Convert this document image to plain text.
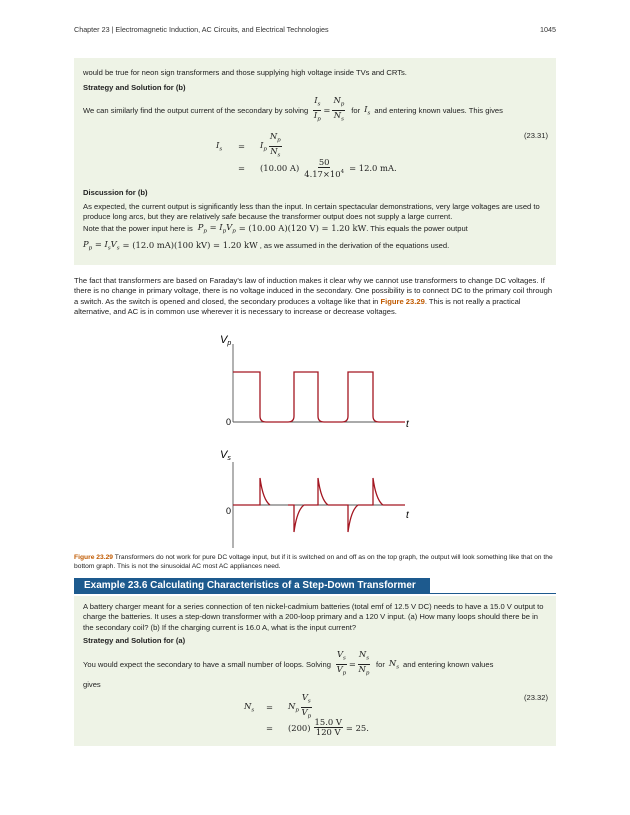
Chapter 23 | Electromagnetic Induction, AC Circuits, and Electrical Technologies	1045

would be true for neon sign transformers and those supplying high voltage inside TVs and CRTs.

Strategy and Solution for (b)

We can similarly find the output current of the secondary by solving $\frac{I_s}{I_p} = \frac{N_p}{N_s}$ for $I_s$ and entering known values. This gives
(23.31)
$I_s$	=	$I_p$
$N_p$
$N_s$
=	(10.00 $A) \frac{50}{4.17\times 10^4} = 12.0$ mA.

Discussion for (b)

As expected, the current output is significantly less than the input. In certain spectacular demonstrations, very large voltages are used to produce long arcs, but they are relatively safe because the transformer output does not supply a large current.

Note that the power input here is $P_p = I_pV_p = (10.00$ A)(120 V) = 1.20 kW . This equals the power output
$P_p = I_sV_s = (12.0$ mA)(100 kV) = 1.20 kW , as we assumed in the derivation of the equations used.

The fact that transformers are based on Faraday's law of induction makes it clear why we cannot use transformers to change DC voltages. If there is no change in primary voltage, there is no voltage induced in the secondary. One possibility is to connect DC to the primary coil through a switch. As the switch is opened and closed, the secondary produces a voltage like that in Figure 23.29. This is not really a practical alternative, and AC is in common use wherever it is necessary to increase or decrease voltages.

Vp
0	t
Vs
0	t

Figure 23.29 Transformers do not work for pure DC voltage input, but if it is switched on and off as on the top graph, the output will look something like that on the bottom graph. This is not the sinusoidal AC most AC appliances need.

Example 23.6 Calculating Characteristics of a Step-Down Transformer

A battery charger meant for a series connection of ten nickel-cadmium batteries (total emf of 12.5 V DC) needs to have a 15.0 V output to charge the batteries. It uses a step-down transformer with a 200-loop primary and a 120 V input. (a) How many loops should there be in the secondary coil? (b) If the charging current is 16.0 A, what is the input current?

Strategy and Solution for (a)

You would expect the secondary to have a small number of loops. Solving $\frac{V_s}{V_p} = \frac{N_s}{N_p}$ for $N_s$ and entering known values

gives

(23.32)
$N_s$	=	$N_p$
$V_s$
$V_p$
=	$(200) \frac{15.0 V}{120 V} = 25$.
